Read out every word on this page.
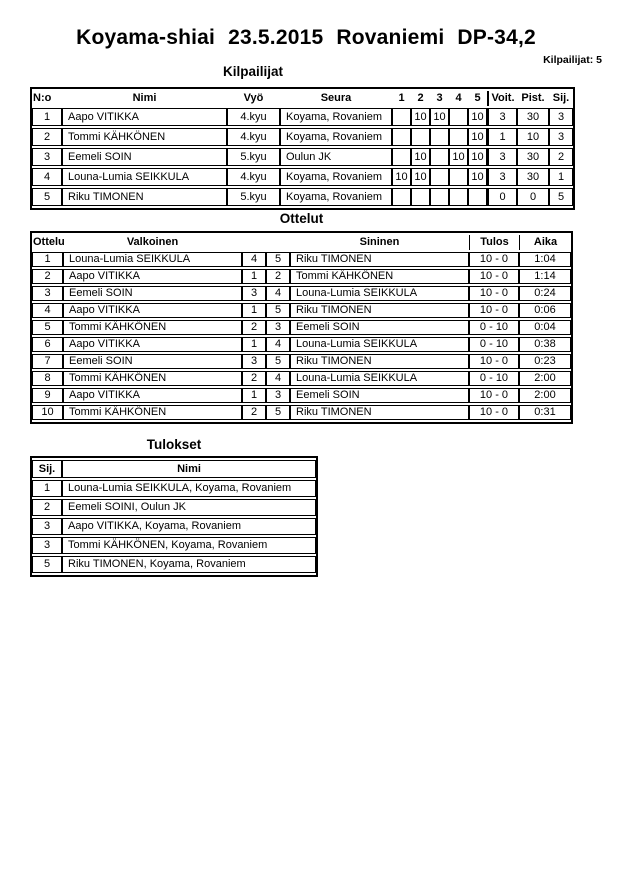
Koyama-shiai 23.5.2015 Rovaniemi DP-34,2
Kilpailijat: 5
Kilpailijat
N:o	Nimi	Vyö	Seura	1	2	3	4	5	Voit.	Pist.	Sij.
1	Aapo VITIKKA	4.kyu	Koyama, Rovaniem		10	10		10	3	30	3
2	Tommi KÄHKÖNEN	4.kyu	Koyama, Rovaniem					10	1	10	3
3	Eemeli SOIN	5.kyu	Oulun JK		10		10	10	3	30	2
4	Louna-Lumia SEIKKULA	4.kyu	Koyama, Rovaniem	10	10			10	3	30	1
5	Riku TIMONEN	5.kyu	Koyama, Rovaniem						0	0	5
Ottelut
Ottelu	Valkoinen			Sininen	Tulos	Aika
1	Louna-Lumia SEIKKULA	4	5	Riku TIMONEN	10 - 0	1:04
2	Aapo VITIKKA	1	2	Tommi KÄHKÖNEN	10 - 0	1:14
3	Eemeli SOIN	3	4	Louna-Lumia SEIKKULA	10 - 0	0:24
4	Aapo VITIKKA	1	5	Riku TIMONEN	10 - 0	0:06
5	Tommi KÄHKÖNEN	2	3	Eemeli SOIN	0 - 10	0:04
6	Aapo VITIKKA	1	4	Louna-Lumia SEIKKULA	0 - 10	0:38
7	Eemeli SOIN	3	5	Riku TIMONEN	10 - 0	0:23
8	Tommi KÄHKÖNEN	2	4	Louna-Lumia SEIKKULA	0 - 10	2:00
9	Aapo VITIKKA	1	3	Eemeli SOIN	10 - 0	2:00
10	Tommi KÄHKÖNEN	2	5	Riku TIMONEN	10 - 0	0:31
Tulokset
Sij.	Nimi
1	Louna-Lumia SEIKKULA, Koyama, Rovaniem
2	Eemeli SOINI, Oulun JK
3	Aapo VITIKKA, Koyama, Rovaniem
3	Tommi KÄHKÖNEN, Koyama, Rovaniem
5	Riku TIMONEN, Koyama, Rovaniem
